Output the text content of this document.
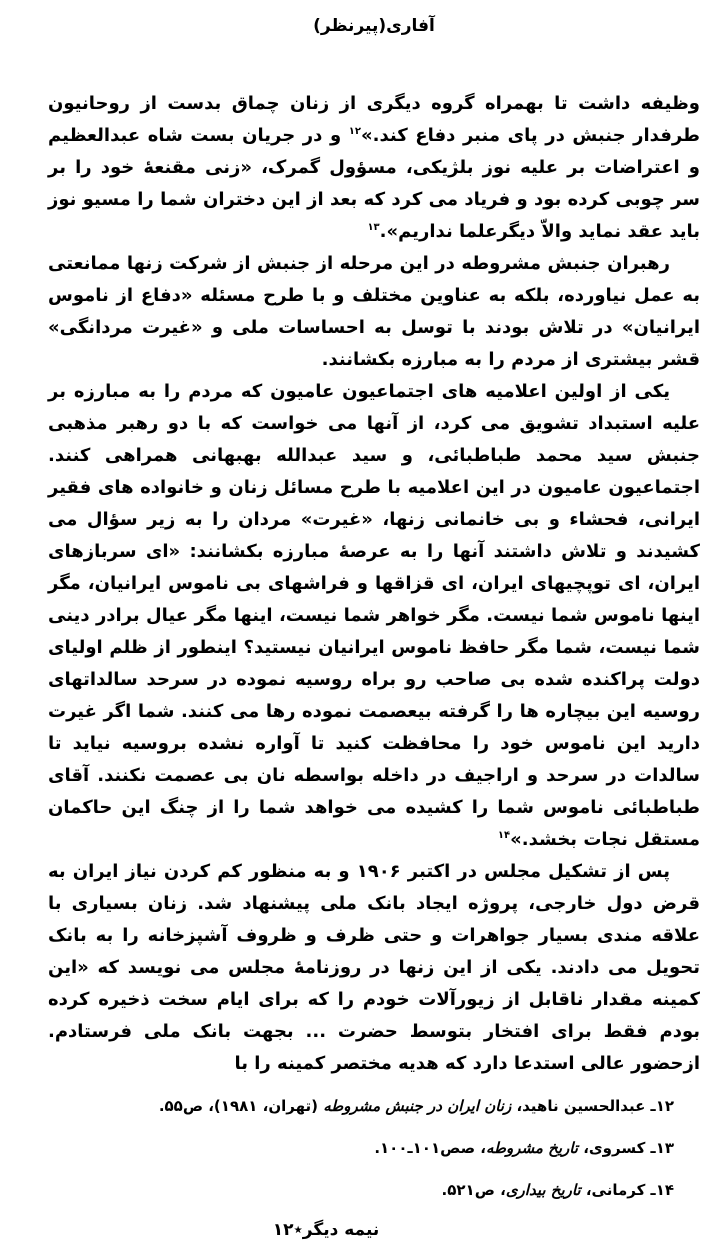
آفاری(پیرنظر)

وظیفه داشت تا بهمراه گروه دیگری از زنان چماق بدست از روحانیون طرفدار جنبش در پای منبر دفاع کند.»$^{۱۲}$ و در جریان بست شاه عبدالعظیم و اعتراضات بر علیه نوز بلژیکی، مسؤول گمرک، «زنی مقنعهٔ خود را بر سر چوبی کرده بود و فریاد می کرد که بعد از این دختران شما را مسیو نوز باید عقد نماید والاّ دیگرعلما نداریم».$^{۱۳}$

رهبران جنبش مشروطه در این مرحله از جنبش از شرکت زنها ممانعتی به عمل نیاورده، بلکه به عناوین مختلف و با طرح مسئله «دفاع از ناموس ایرانیان» در تلاش بودند با توسل به احساسات ملی و «غیرت مردانگی» قشر بیشتری از مردم را به مبارزه بکشانند.

یکی از اولین اعلامیه های اجتماعیون عامیون که مردم را به مبارزه بر علیه استبداد تشویق می کرد، از آنها می خواست که با دو رهبر مذهبی جنبش سید محمد طباطبائی، و سید عبدالله بهبهانی همراهی کنند. اجتماعیون عامیون در این اعلامیه با طرح مسائل زنان و خانواده های فقیر ایرانی، فحشاء و بی خانمانی زنها، «غیرت» مردان را به زیر سؤال می کشیدند و تلاش داشتند آنها را به عرصهٔ مبارزه بکشانند: «ای سربازهای ایران، ای توپچیهای ایران، ای قزاقها و فراشهای بی ناموس ایرانیان، مگر اینها ناموس شما نیست. مگر خواهر شما نیست، اینها مگر عیال برادر دینی شما نیست، شما مگر حافظ ناموس ایرانیان نیستید؟ اینطور از ظلم اولیای دولت پراکنده شده بی صاحب رو براه روسیه نموده در سرحد سالداتهای روسیه این بیچاره ها را گرفته بیعصمت نموده رها می کنند. شما اگر غیرت دارید این ناموس خود را محافظت کنید تا آواره نشده بروسیه نیاید تا سالدات در سرحد و اراجیف در داخله بواسطه نان بی عصمت نکنند. آقای طباطبائی ناموس شما را کشیده می خواهد شما را از چنگ این حاکمان مستقل نجات بخشد.»$^{۱۴}$

پس از تشکیل مجلس در اکتبر ۱۹۰۶ و به منظور کم کردن نیاز ایران به قرض دول خارجی، پروژه ایجاد بانک ملی پیشنهاد شد. زنان بسیاری با علاقه مندی بسیار جواهرات و حتی ظرف و ظروف آشپزخانه را به بانک تحویل می دادند. یکی از این زنها در روزنامهٔ مجلس می نویسد که «این کمینه مقدار ناقابل از زیورآلات خودم را که برای ایام سخت ذخیره کرده بودم فقط برای افتخار بتوسط حضرت ... بجهت بانک ملی فرستادم. ازحضور عالی استدعا دارد که هدیه مختصر کمینه را با

۱۲ـ عبدالحسین ناهید، زنان ایران در جنبش مشروطه (تهران، ۱۹۸۱)، ص۵۵.

۱۳ـ کسروی، تاریخ مشروطه، صص۱۰۱ـ۱۰۰.

۱۴ـ کرمانی، تاریخ بیداری، ص۵۲۱.

نیمه دیگر٭۱۲
